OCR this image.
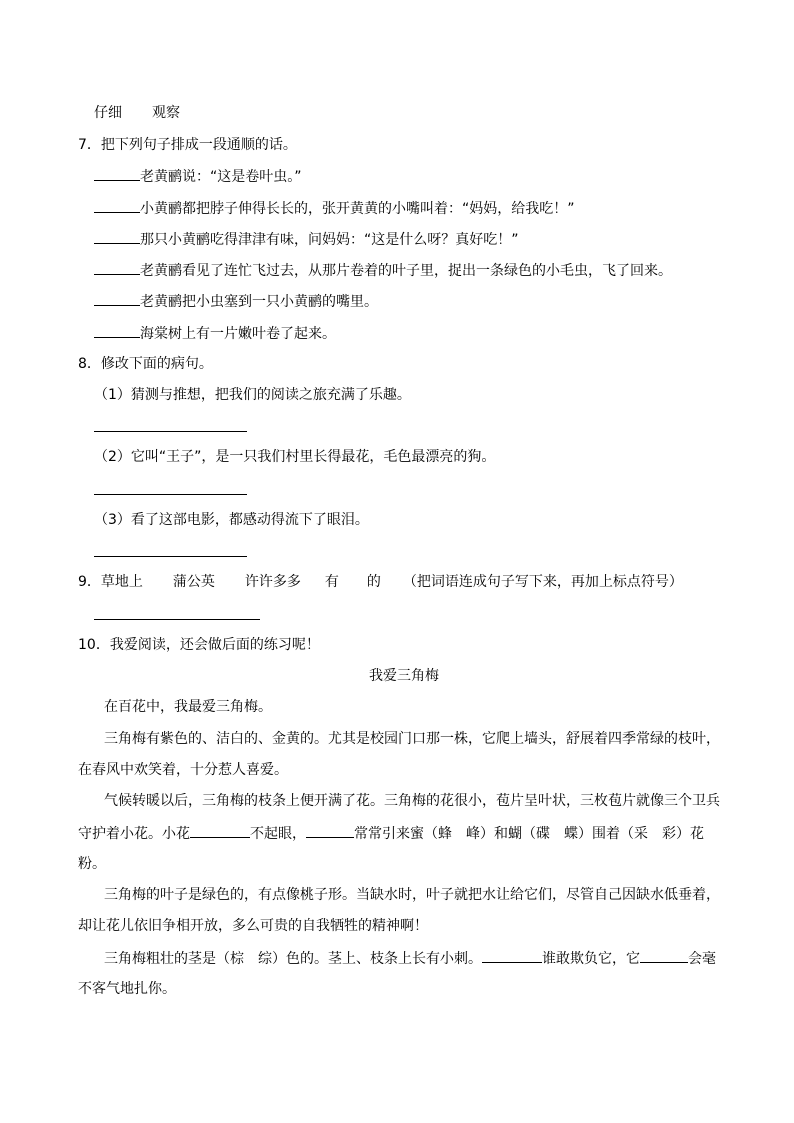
仔细 观察
7．把下列句子排成一段通顺的话。
老黄鹂说：“这是卷叶虫。”
小黄鹂都把脖子伸得长长的，张开黄黄的小嘴叫着：“妈妈，给我吃！”
那只小黄鹂吃得津津有味，问妈妈：“这是什么呀？真好吃！”
老黄鹂看见了连忙飞过去，从那片卷着的叶子里，捉出一条绿色的小毛虫，飞了回来。
老黄鹂把小虫塞到一只小黄鹂的嘴里。
海棠树上有一片嫩叶卷了起来。
8．修改下面的病句。
（1）猜测与推想，把我们的阅读之旅充满了乐趣。
（2）它叫“王子”，是一只我们村里长得最花，毛色最漂亮的狗。
（3）看了这部电影，都感动得流下了眼泪。
9．草地上 蒲公英 许许多多 有 的 （把词语连成句子写下来，再加上标点符号）
10．我爱阅读，还会做后面的练习呢！
我爱三角梅
在百花中，我最爱三角梅。
三角梅有紫色的、洁白的、金黄的。尤其是校园门口那一株，它爬上墙头，舒展着四季常绿的枝叶，
在春风中欢笑着，十分惹人喜爱。
气候转暖以后，三角梅的枝条上便开满了花。三角梅的花很小，苞片呈叶状，三枚苞片就像三个卫兵
守护着小花。小花	不起眼，	常常引来蜜（蜂　峰）和蝴（碟　蝶）围着（采　彩）花
粉。
三角梅的叶子是绿色的，有点像桃子形。当缺水时，叶子就把水让给它们，尽管自己因缺水低垂着，
却让花儿依旧争相开放，多么可贵的自我牺牲的精神啊！
三角梅粗壮的茎是（棕　综）色的。茎上、枝条上长有小刺。	谁敢欺负它，它	会毫
不客气地扎你。
